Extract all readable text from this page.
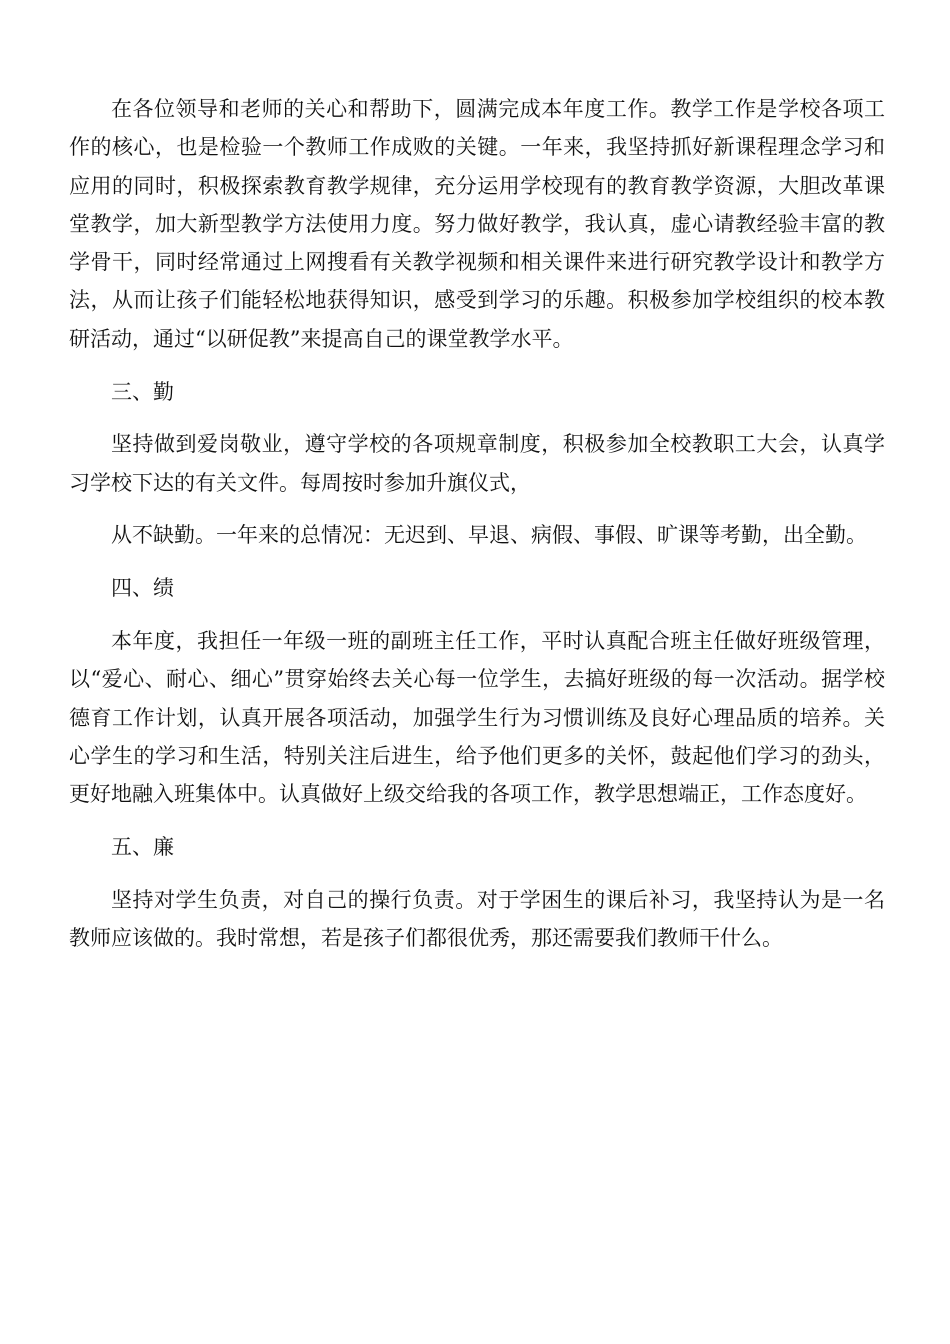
在各位领导和老师的关心和帮助下，圆满完成本年度工作。教学工作是学校各项工作的核心，也是检验一个教师工作成败的关键。一年来，我坚持抓好新课程理念学习和应用的同时，积极探索教育教学规律，充分运用学校现有的教育教学资源，大胆改革课堂教学，加大新型教学方法使用力度。努力做好教学，我认真，虚心请教经验丰富的教学骨干，同时经常通过上网搜看有关教学视频和相关课件来进行研究教学设计和教学方法，从而让孩子们能轻松地获得知识，感受到学习的乐趣。积极参加学校组织的校本教研活动，通过“以研促教”来提高自己的课堂教学水平。

三、勤

坚持做到爱岗敬业，遵守学校的各项规章制度，积极参加全校教职工大会，认真学习学校下达的有关文件。每周按时参加升旗仪式，

从不缺勤。一年来的总情况：无迟到、早退、病假、事假、旷课等考勤，出全勤。

四、绩

本年度，我担任一年级一班的副班主任工作，平时认真配合班主任做好班级管理，以“爱心、耐心、细心”贯穿始终去关心每一位学生，去搞好班级的每一次活动。据学校德育工作计划，认真开展各项活动，加强学生行为习惯训练及良好心理品质的培养。关心学生的学习和生活，特别关注后进生，给予他们更多的关怀，鼓起他们学习的劲头，更好地融入班集体中。认真做好上级交给我的各项工作，教学思想端正，工作态度好。

五、廉

坚持对学生负责，对自己的操行负责。对于学困生的课后补习，我坚持认为是一名教师应该做的。我时常想，若是孩子们都很优秀，那还需要我们教师干什么。
